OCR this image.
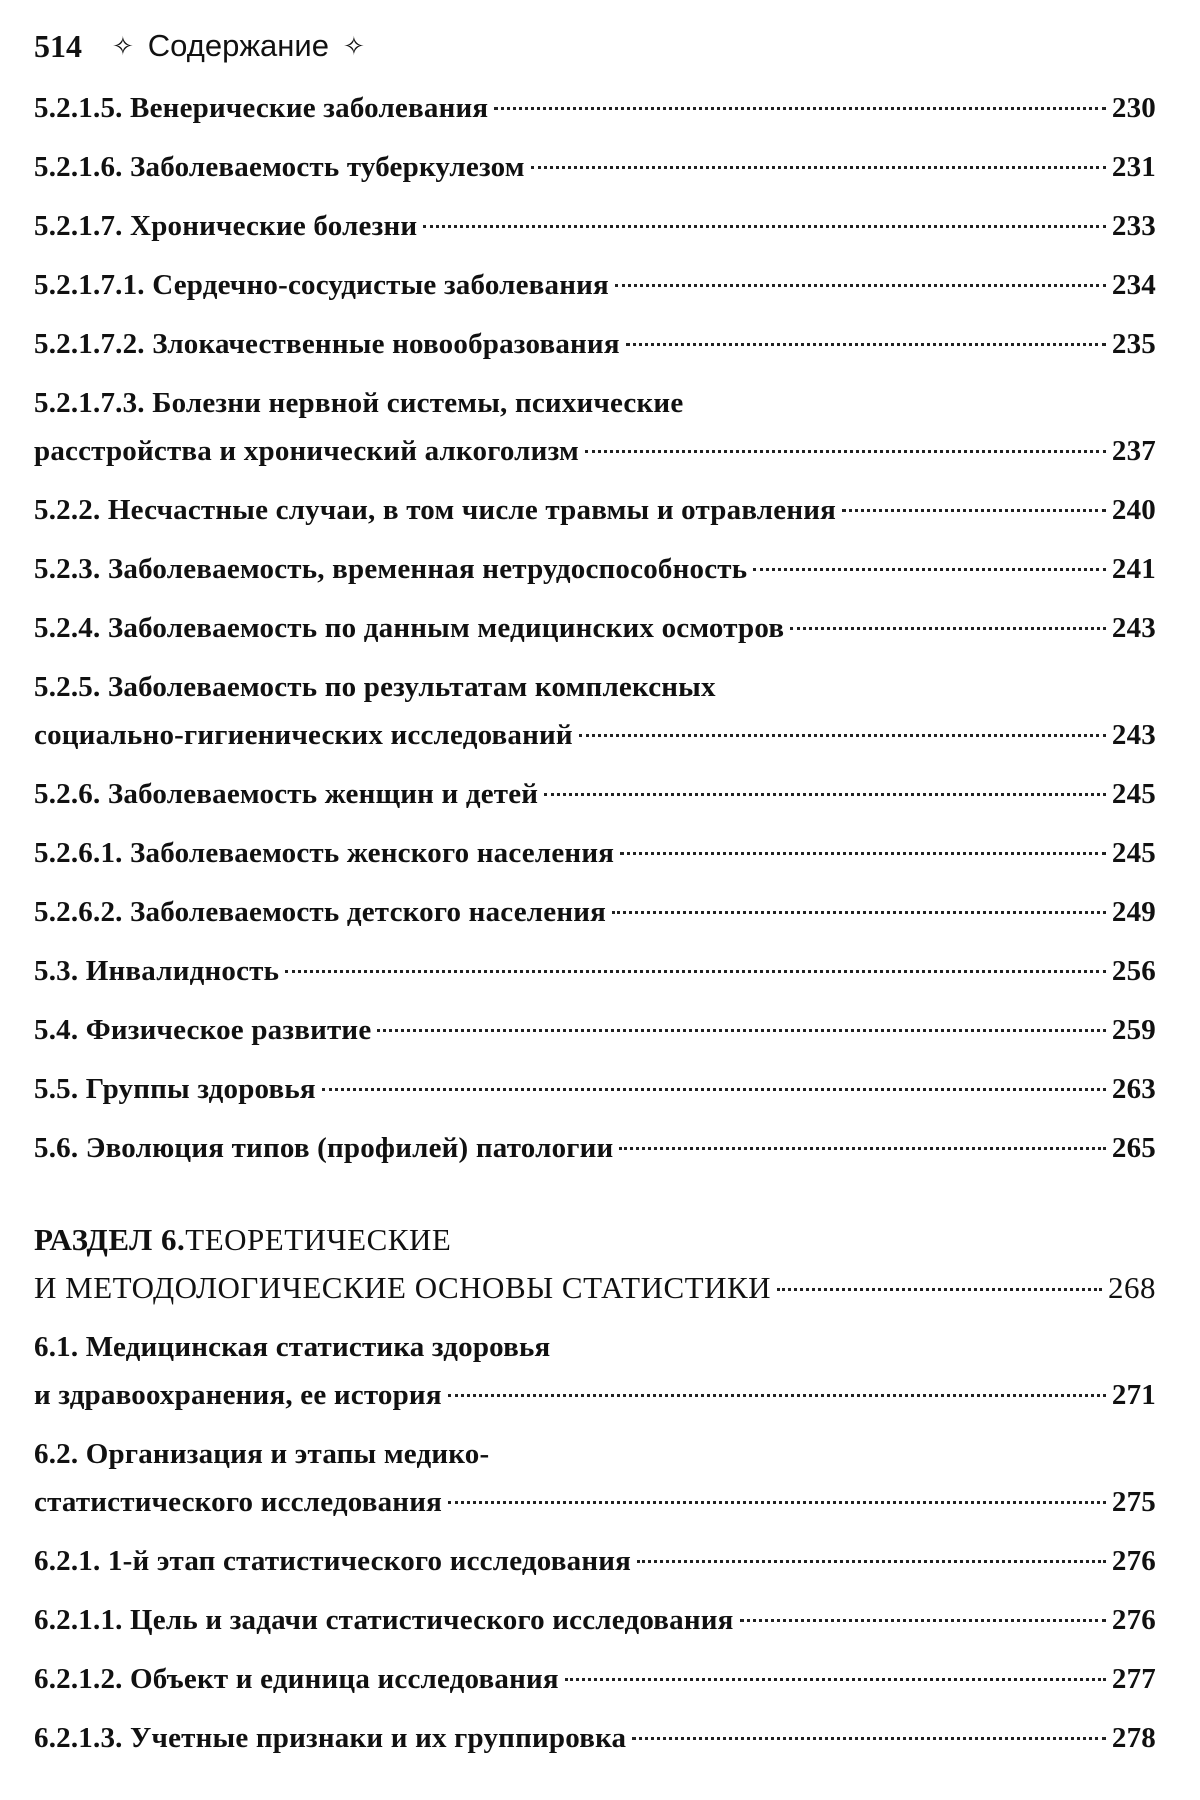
514 ✧ Содержание ✧
5.2.1.5. Венерические заболевания	230
5.2.1.6. Заболеваемость туберкулезом	231
5.2.1.7. Хронические болезни	233
5.2.1.7.1. Сердечно-сосудистые заболевания	234
5.2.1.7.2. Злокачественные новообразования	235
5.2.1.7.3. Болезни нервной системы, психические
расстройства и хронический алкоголизм	237
5.2.2. Несчастные случаи, в том числе травмы и отравления	240
5.2.3. Заболеваемость, временная нетрудоспособность	241
5.2.4. Заболеваемость по данным медицинских осмотров	243
5.2.5. Заболеваемость по результатам комплексных
социально-гигиенических исследований	243
5.2.6. Заболеваемость женщин и детей	245
5.2.6.1. Заболеваемость женского населения	245
5.2.6.2. Заболеваемость детского населения	249
5.3. Инвалидность	256
5.4. Физическое развитие	259
5.5. Группы здоровья	263
5.6. Эволюция типов (профилей) патологии	265
РАЗДЕЛ 6. ТЕОРЕТИЧЕСКИЕ
И МЕТОДОЛОГИЧЕСКИЕ ОСНОВЫ СТАТИСТИКИ	268
6.1. Медицинская статистика здоровья
и здравоохранения, ее история	271
6.2. Организация и этапы медико-
статистического исследования	275
6.2.1. 1-й этап статистического исследования	276
6.2.1.1. Цель и задачи статистического исследования	276
6.2.1.2. Объект и единица исследования	277
6.2.1.3. Учетные признаки и их группировка	278
